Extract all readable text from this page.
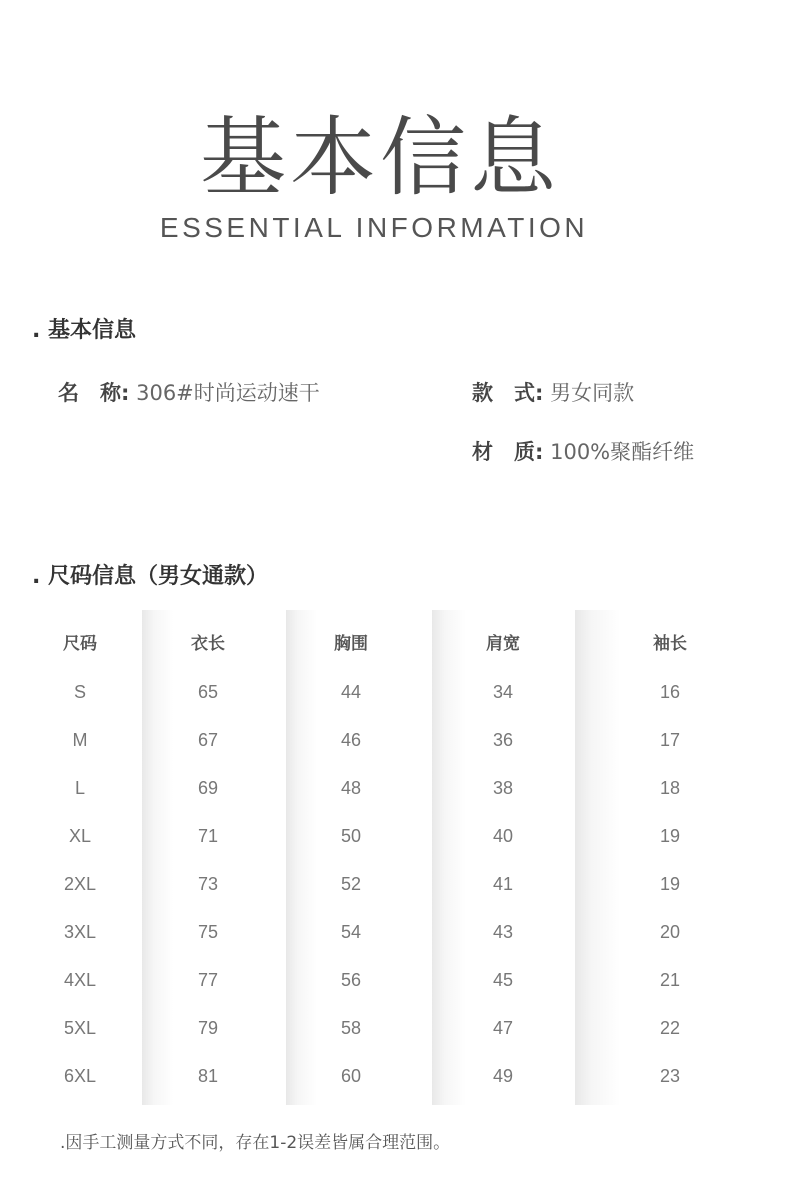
基本信息
ESSENTIAL INFORMATION
. 基本信息
名　称: 306#时尚运动速干	款　式: 男女同款
材　质: 100%聚酯纤维
. 尺码信息（男女通款）
尺码
S
M
L
XL
2XL
3XL
4XL
5XL
6XL
衣长
65
67
69
71
73
75
77
79
81
胸围
44
46
48
50
52
54
56
58
60
肩宽
34
36
38
40
41
43
45
47
49
袖长
16
17
18
19
19
20
21
22
23
.因手工测量方式不同，存在1-2误差皆属合理范围。
